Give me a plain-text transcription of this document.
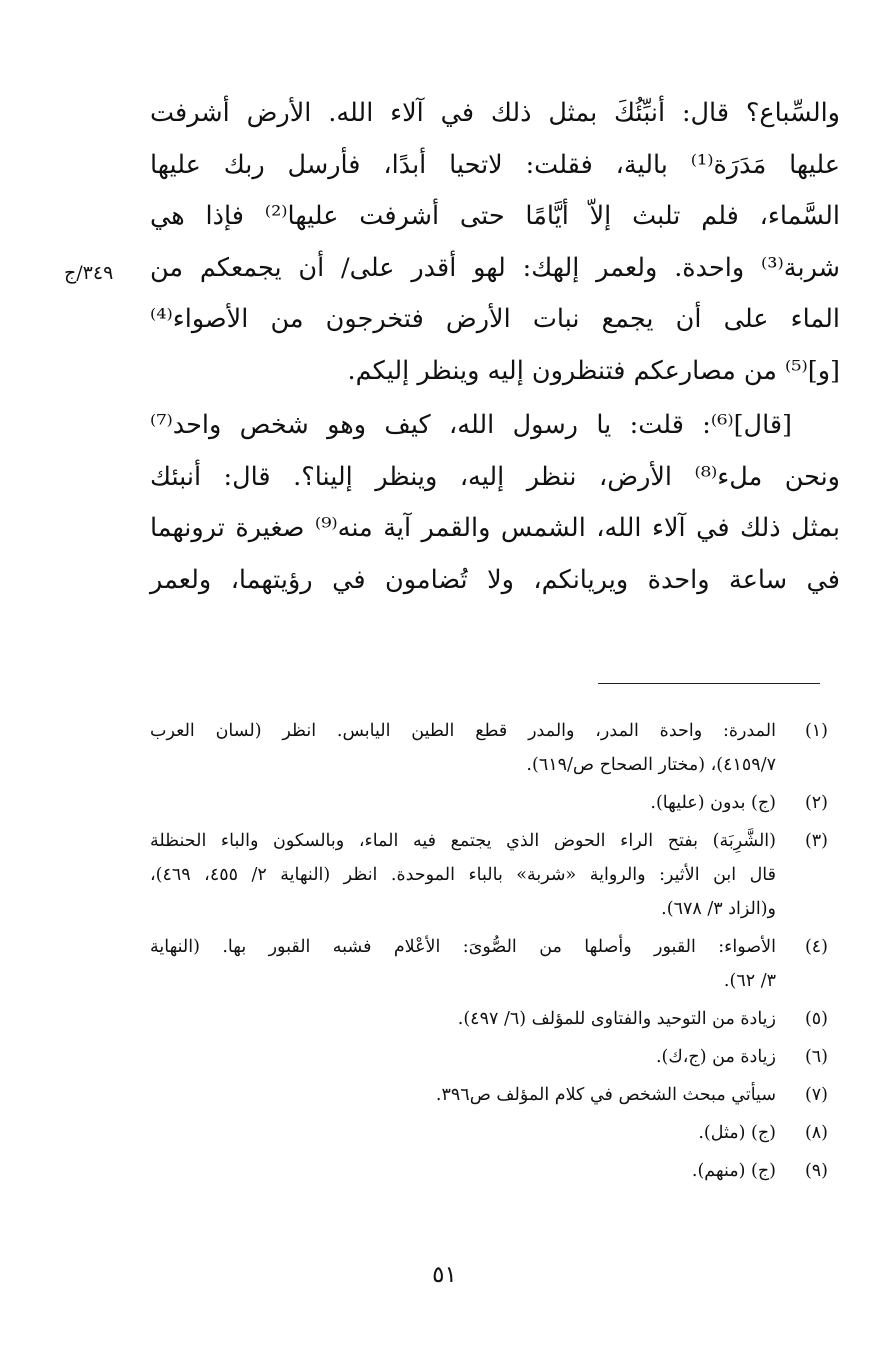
٣٤٩/ج
والسِّباع؟ قال: أنبِّئُكَ بمثل ذلك في آلاء الله. الأرض أشرفت
عليها مَدَرَة⁽¹⁾ بالية، فقلت: لاتحيا أبدًا، فأرسل ربك عليها
السَّماء، فلم تلبث إلاّ أيَّامًا حتى أشرفت عليها⁽²⁾ فإذا هي
شربة⁽³⁾ واحدة. ولعمر إلهك: لهو أقدر على/ أن يجمعكم من
الماء على أن يجمع نبات الأرض فتخرجون من الأصواء⁽⁴⁾
[و]⁽⁵⁾ من مصارعكم فتنظرون إليه وينظر إليكم.
[قال]⁽⁶⁾: قلت: يا رسول الله، كيف وهو شخص واحد⁽⁷⁾
ونحن ملء⁽⁸⁾ الأرض، ننظر إليه، وينظر إلينا؟. قال: أنبئك
بمثل ذلك في آلاء الله، الشمس والقمر آية منه⁽⁹⁾ صغيرة ترونهما
في ساعة واحدة ويريانكم، ولا تُضامون في رؤيتهما، ولعمر
(١)
المدرة: واحدة المدر، والمدر قطع الطين اليابس. انظر (لسان العرب
٤١٥٩/٧)، (مختار الصحاح ص/٦١٩).
(٢)
(ج) بدون (عليها).
(٣)
(الشَّرِبَة) بفتح الراء الحوض الذي يجتمع فيه الماء، وبالسكون والباء الحنظلة
قال ابن الأثير: والرواية «شربة» بالباء الموحدة. انظر (النهاية ٢/ ٤٥٥، ٤٦٩)،
و(الزاد ٣/ ٦٧٨).
(٤)
الأصواء: القبور وأصلها من الصُّوىَ: الأعْلام فشبه القبور بها. (النهاية
٣/ ٦٢).
(٥)
زيادة من التوحيد والفتاوى للمؤلف (٦/ ٤٩٧).
(٦)
زيادة من (ج،ك).
(٧)
سيأتي مبحث الشخص في كلام المؤلف ص٣٩٦.
(٨)
(ج) (مثل).
(٩)
(ج) (منهم).
٥١
